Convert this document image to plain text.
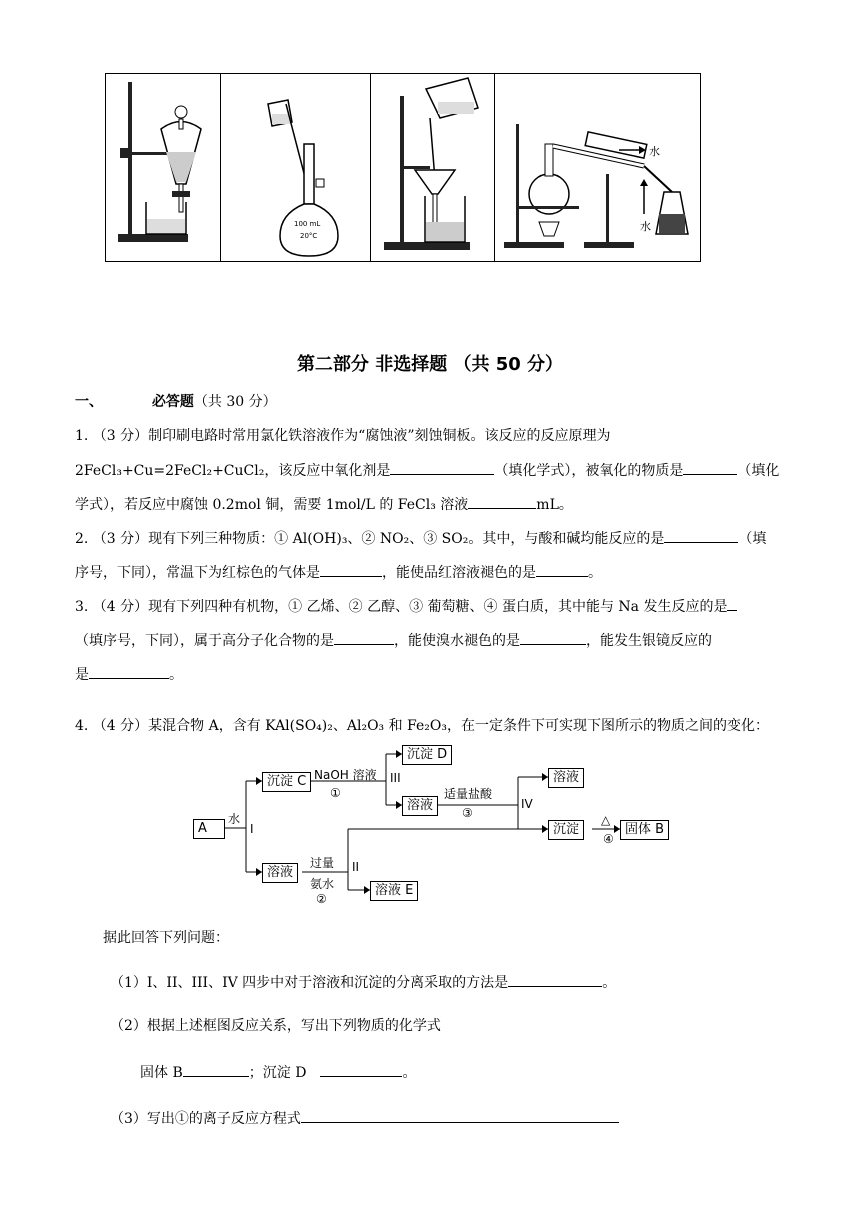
100 mL
20°C
水
水
第二部分 非选择题 （共 50 分）
一、	必答题（共 30 分）
1. （3 分）制印刷电路时常用氯化铁溶液作为“腐蚀液”刻蚀铜板。该反应的反应原理为
2FeCl₃+Cu=2FeCl₂+CuCl₂，该反应中氧化剂是	（填化学式），被氧化的物质是	（填化
学式），若反应中腐蚀 0.2mol 铜，需要 1mol/L 的 FeCl₃ 溶液	mL。
2. （3 分）现有下列三种物质：① Al(OH)₃、② NO₂、③ SO₂。其中，与酸和碱均能反应的是	（填
序号，下同），常温下为红棕色的气体是	，能使品红溶液褪色的是	。
3. （4 分）现有下列四种有机物，① 乙烯、② 乙醇、③ 葡萄糖、④ 蛋白质，其中能与 Na 发生反应的是
（填序号，下同），属于高分子化合物的是	，能使溴水褪色的是	，能发生银镜反应的
是	。
4. （4 分）某混合物 A，含有 KAl(SO₄)₂、Al₂O₃ 和 Fe₂O₃，在一定条件下可实现下图所示的物质之间的变化：
A
水
I
沉淀 C NaOH 溶液
①
III
沉淀 D
溶液
适量盐酸
③
IV
溶液
沉淀
△
④
固体 B
溶液
过量
氨水
②
II
溶液 E
据此回答下列问题：
（1）I、II、III、IV 四步中对于溶液和沉淀的分离采取的方法是	。
（2）根据上述框图反应关系，写出下列物质的化学式
固体 B	；沉淀 D	。
（3）写出①的离子反应方程式
